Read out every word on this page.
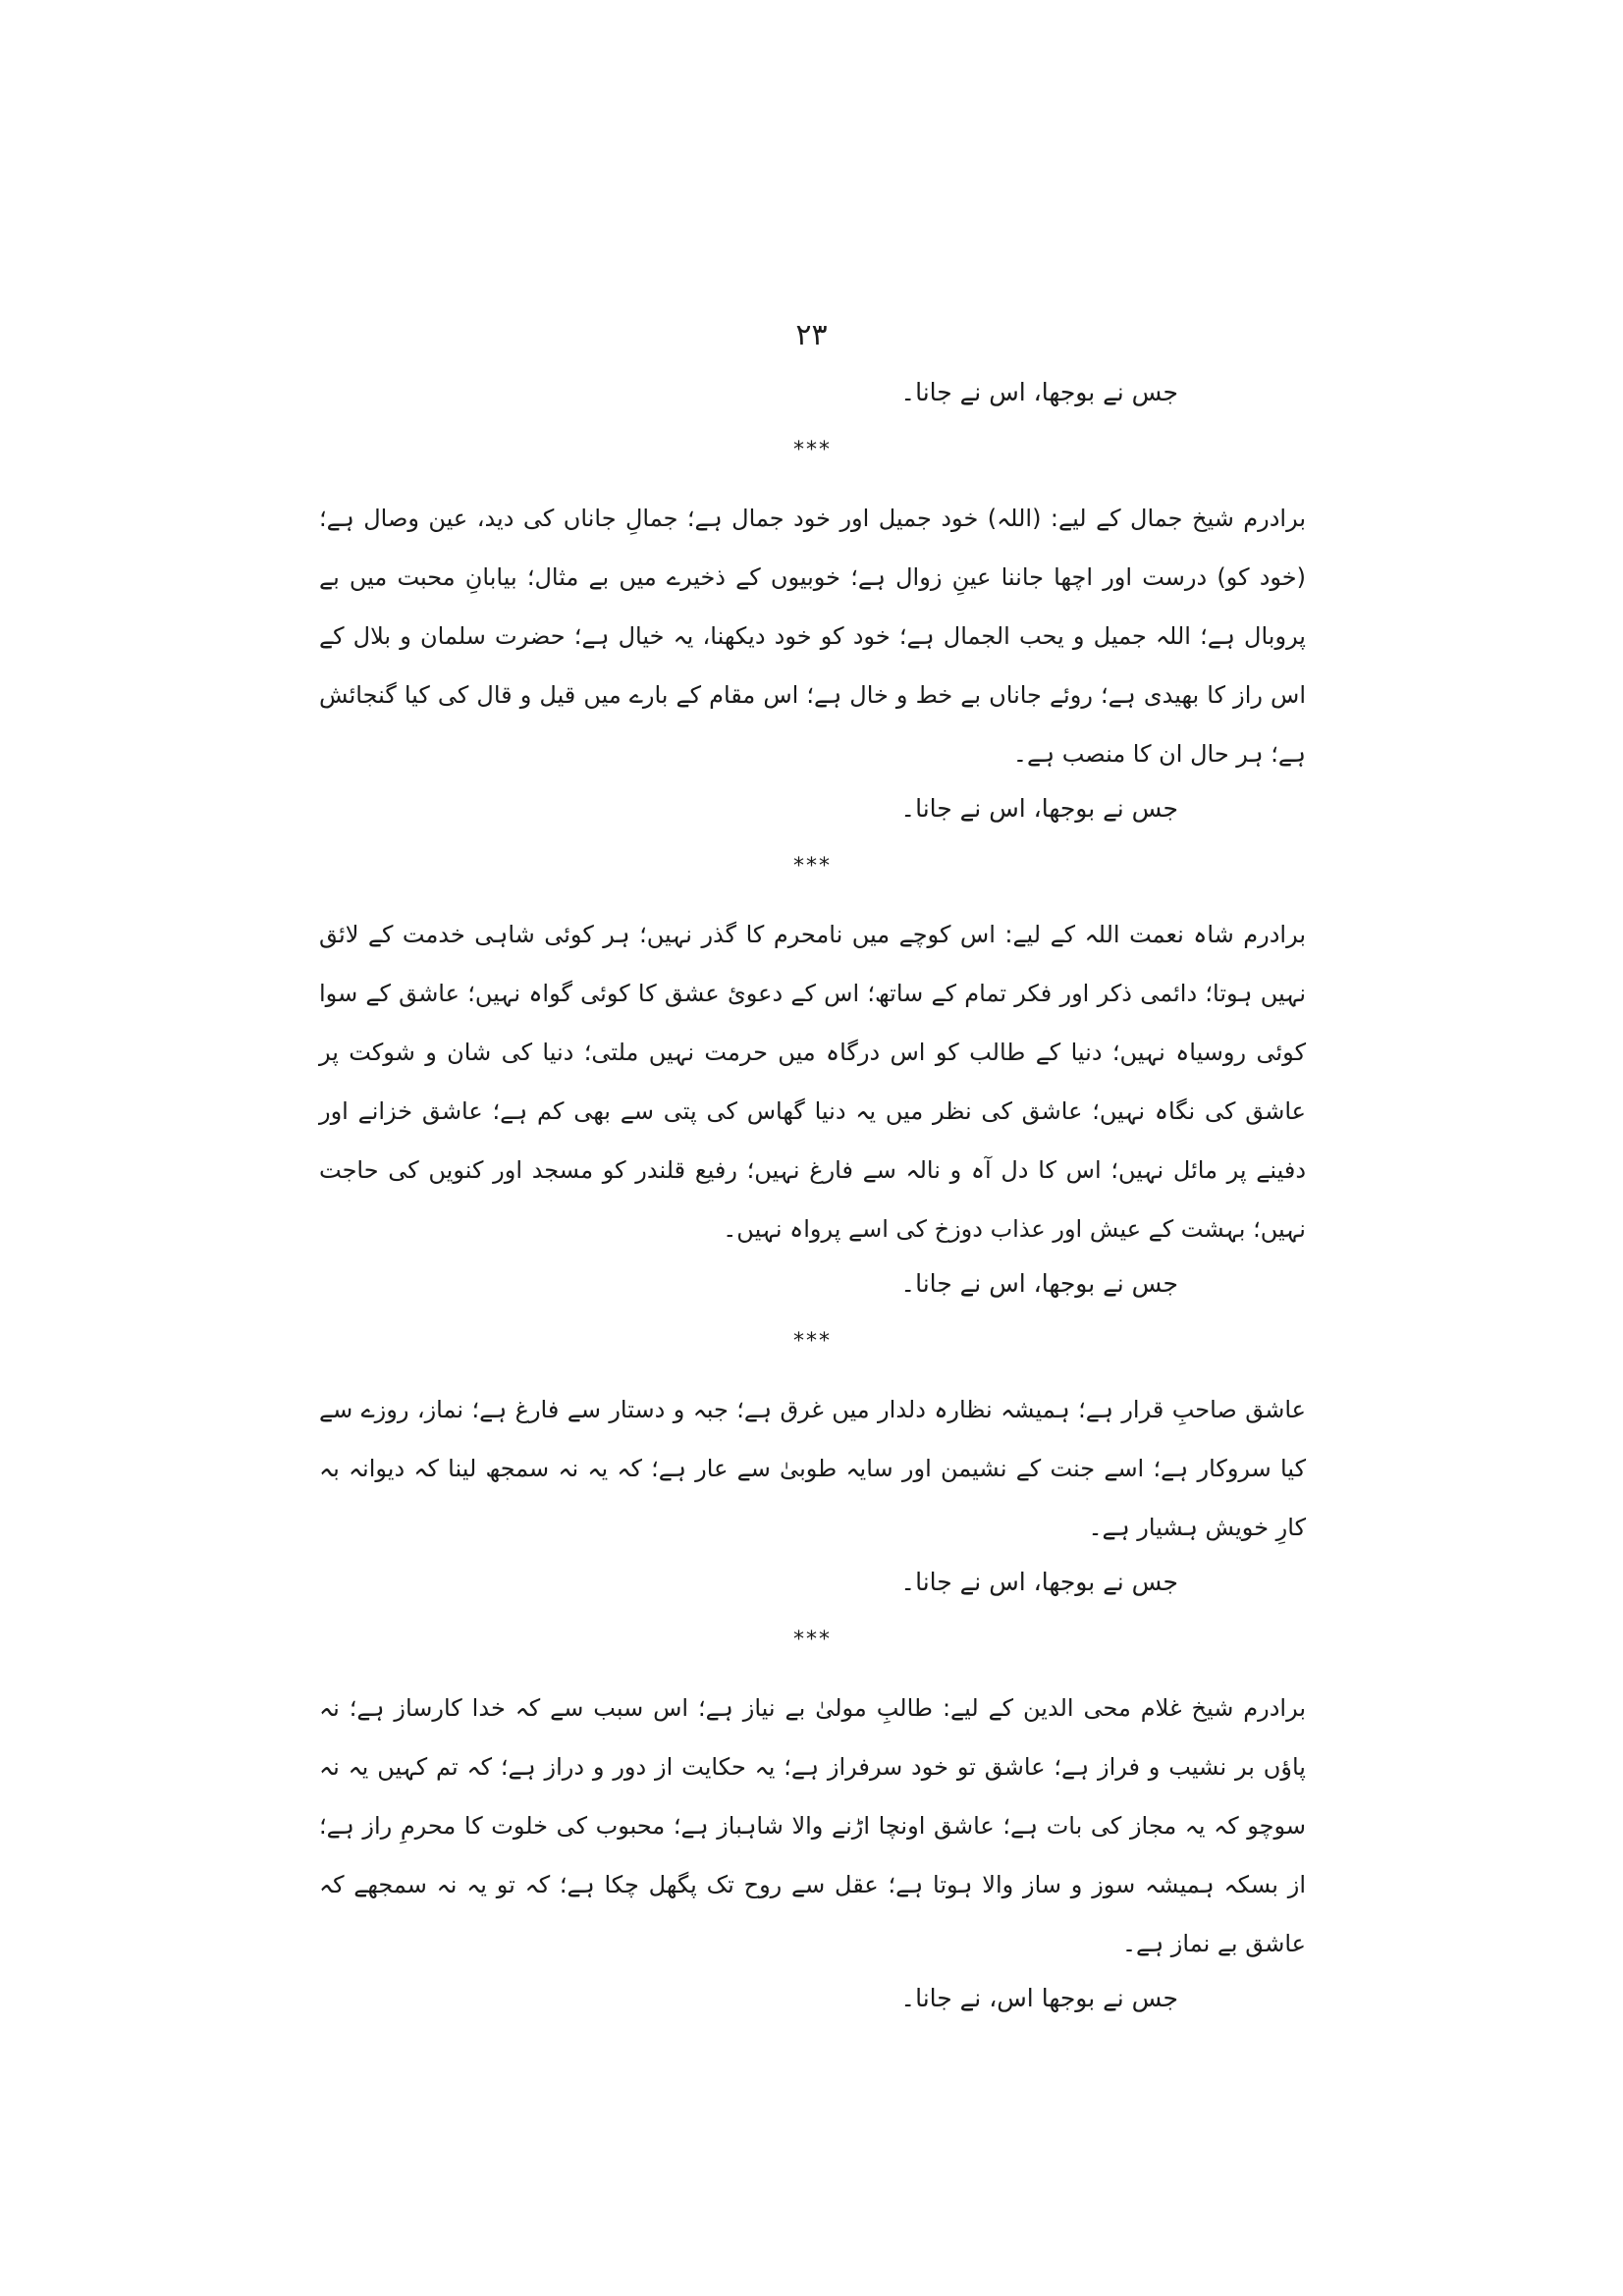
۲۳

جس نے بوجھا، اس نے جانا۔

***

برادرم شیخ جمال کے لیے: (اللہ) خود جمیل اور خود جمال ہے؛ جمالِ جاناں کی دید، عین وصال ہے؛ (خود کو) درست اور اچھا جاننا عینِ زوال ہے؛ خوبیوں کے ذخیرے میں بے مثال؛ بیابانِ محبت میں بے پروبال ہے؛ اللہ جمیل و یحب الجمال ہے؛ خود کو خود دیکھنا، یہ خیال ہے؛ حضرت سلمان و بلال کے اس راز کا بھیدی ہے؛ روئے جاناں بے خط و خال ہے؛ اس مقام کے بارے میں قیل و قال کی کیا گنجائش ہے؛ ہر حال ان کا منصب ہے۔

جس نے بوجھا، اس نے جانا۔

***

برادرم شاہ نعمت اللہ کے لیے: اس کوچے میں نامحرم کا گذر نہیں؛ ہر کوئی شاہی خدمت کے لائق نہیں ہوتا؛ دائمی ذکر اور فکر تمام کے ساتھ؛ اس کے دعویٔ عشق کا کوئی گواہ نہیں؛ عاشق کے سوا کوئی روسیاہ نہیں؛ دنیا کے طالب کو اس درگاہ میں حرمت نہیں ملتی؛ دنیا کی شان و شوکت پر عاشق کی نگاہ نہیں؛ عاشق کی نظر میں یہ دنیا گھاس کی پتی سے بھی کم ہے؛ عاشق خزانے اور دفینے پر مائل نہیں؛ اس کا دل آہ و نالہ سے فارغ نہیں؛ رفیع قلندر کو مسجد اور کنویں کی حاجت نہیں؛ بہشت کے عیش اور عذاب دوزخ کی اسے پرواہ نہیں۔

جس نے بوجھا، اس نے جانا۔

***

عاشق صاحبِ قرار ہے؛ ہمیشہ نظارہ دلدار میں غرق ہے؛ جبہ و دستار سے فارغ ہے؛ نماز، روزے سے کیا سروکار ہے؛ اسے جنت کے نشیمن اور سایہ طوبیٰ سے عار ہے؛ کہ یہ نہ سمجھ لینا کہ دیوانہ بہ کارِ خویش ہشیار ہے۔

جس نے بوجھا، اس نے جانا۔

***

برادرم شیخ غلام محی الدین کے لیے: طالبِ مولیٰ بے نیاز ہے؛ اس سبب سے کہ خدا کارساز ہے؛ نہ پاؤں بر نشیب و فراز ہے؛ عاشق تو خود سرفراز ہے؛ یہ حکایت از دور و دراز ہے؛ کہ تم کہیں یہ نہ سوچو کہ یہ مجاز کی بات ہے؛ عاشق اونچا اڑنے والا شاہباز ہے؛ محبوب کی خلوت کا محرمِ راز ہے؛ از بسکہ ہمیشہ سوز و ساز والا ہوتا ہے؛ عقل سے روح تک پگھل چکا ہے؛ کہ تو یہ نہ سمجھے کہ عاشق بے نماز ہے۔

جس نے بوجھا اس، نے جانا۔
